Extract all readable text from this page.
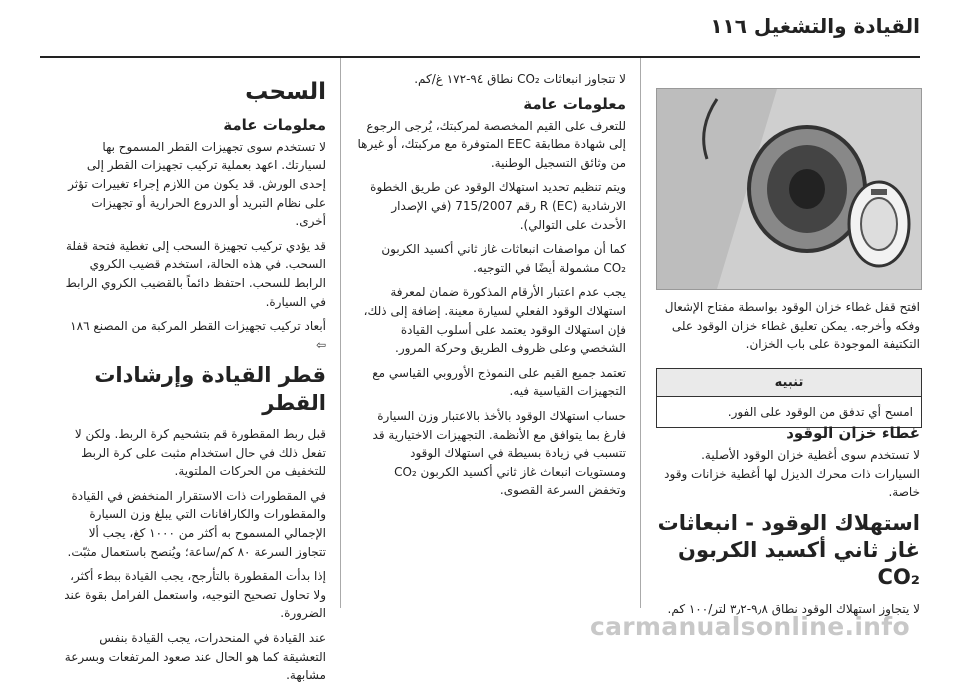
القيادة والتشغيل ١١٦

افتح قفل غطاء خزان الوقود بواسطة مفتاح الإشعال وفكه وأخرجه. يمكن تعليق غطاء خزان الوقود على التكتيفة الموجودة على باب الخزان.

تنبيه
امسح أي تدفق من الوقود على الفور.
غطاء خزان الوقود

لا تستخدم سوى أغطية خزان الوقود الأصلية. السيارات ذات محرك الديزل لها أغطية خزانات وقود خاصة.

استهلاك الوقود - انبعاثات غاز ثاني أكسيد الكربون CO₂

لا يتجاوز استهلاك الوقود نطاق ٩٫٨-٣٫٢ لتر/١٠٠ كم.

لا تتجاوز انبعاثات CO₂ نطاق ٩٤-١٧٢ غ/كم.

معلومات عامة

للتعرف على القيم المخصصة لمركبتك، يُرجى الرجوع إلى شهادة مطابقة EEC المتوفرة مع مركبتك، أو غيرها من وثائق التسجيل الوطنية.

ويتم تنظيم تحديد استهلاك الوقود عن طريق الخطوة الارشادية (EC) R رقم 715/2007 (في الإصدار الأحدث على التوالي).

كما أن مواصفات انبعاثات غاز ثاني أكسيد الكربون CO₂ مشمولة أيضًا في التوجيه.

يجب عدم اعتبار الأرقام المذكورة ضمان لمعرفة استهلاك الوقود الفعلي لسيارة معينة. إضافة إلى ذلك، فإن استهلاك الوقود يعتمد على أسلوب القيادة الشخصي وعلى ظروف الطريق وحركة المرور.

تعتمد جميع القيم على النموذج الأوروبي القياسي مع التجهيزات القياسية فيه.

حساب استهلاك الوقود بالأخذ بالاعتبار وزن السيارة فارغ بما يتوافق مع الأنظمة. التجهيزات الاختيارية قد تتسبب في زيادة بسيطة في استهلاك الوقود ومستويات انبعاث غاز ثاني أكسيد الكربون CO₂ وتخفض السرعة القصوى.

السحب
معلومات عامة

لا تستخدم سوى تجهيزات القطر المسموح بها لسيارتك. اعهد بعملية تركيب تجهيزات القطر إلى إحدى الورش. قد يكون من اللازم إجراء تغييرات تؤثر على نظام التبريد أو الدروع الحرارية أو تجهيزات أخرى.

قد يؤدي تركيب تجهيزة السحب إلى تغطية فتحة قفلة السحب. في هذه الحالة، استخدم قضيب الكروي الرابط للسحب. احتفظ دائماً بالقضيب الكروي الرابط في السيارة.

أبعاد تركيب تجهيزات القطر المركبة من المصنع ١٨٦ ⇦

قطر القيادة وإرشادات القطر

قبل ربط المقطورة قم بتشحيم كرة الربط. ولكن لا تفعل ذلك في حال استخدام مثبت على كرة الربط للتخفيف من الحركات الملتوية.

في المقطورات ذات الاستقرار المنخفض في القيادة والمقطورات والكارافانات التي يبلغ وزن السيارة الإجمالي المسموح به أكثر من ١٠٠٠ كغ، يجب ألا تتجاوز السرعة ٨٠ كم/ساعة؛ ويُنصح باستعمال مثبّت.

إذا بدأت المقطورة بالتأرجح، يجب القيادة ببطء أكثر، ولا تحاول تصحيح التوجيه، واستعمل الفرامل بقوة عند الضرورة.

عند القيادة في المنحدرات، يجب القيادة بنفس التعشيقة كما هو الحال عند صعود المرتفعات وبسرعة مشابهة.

carmanualsonline.info
